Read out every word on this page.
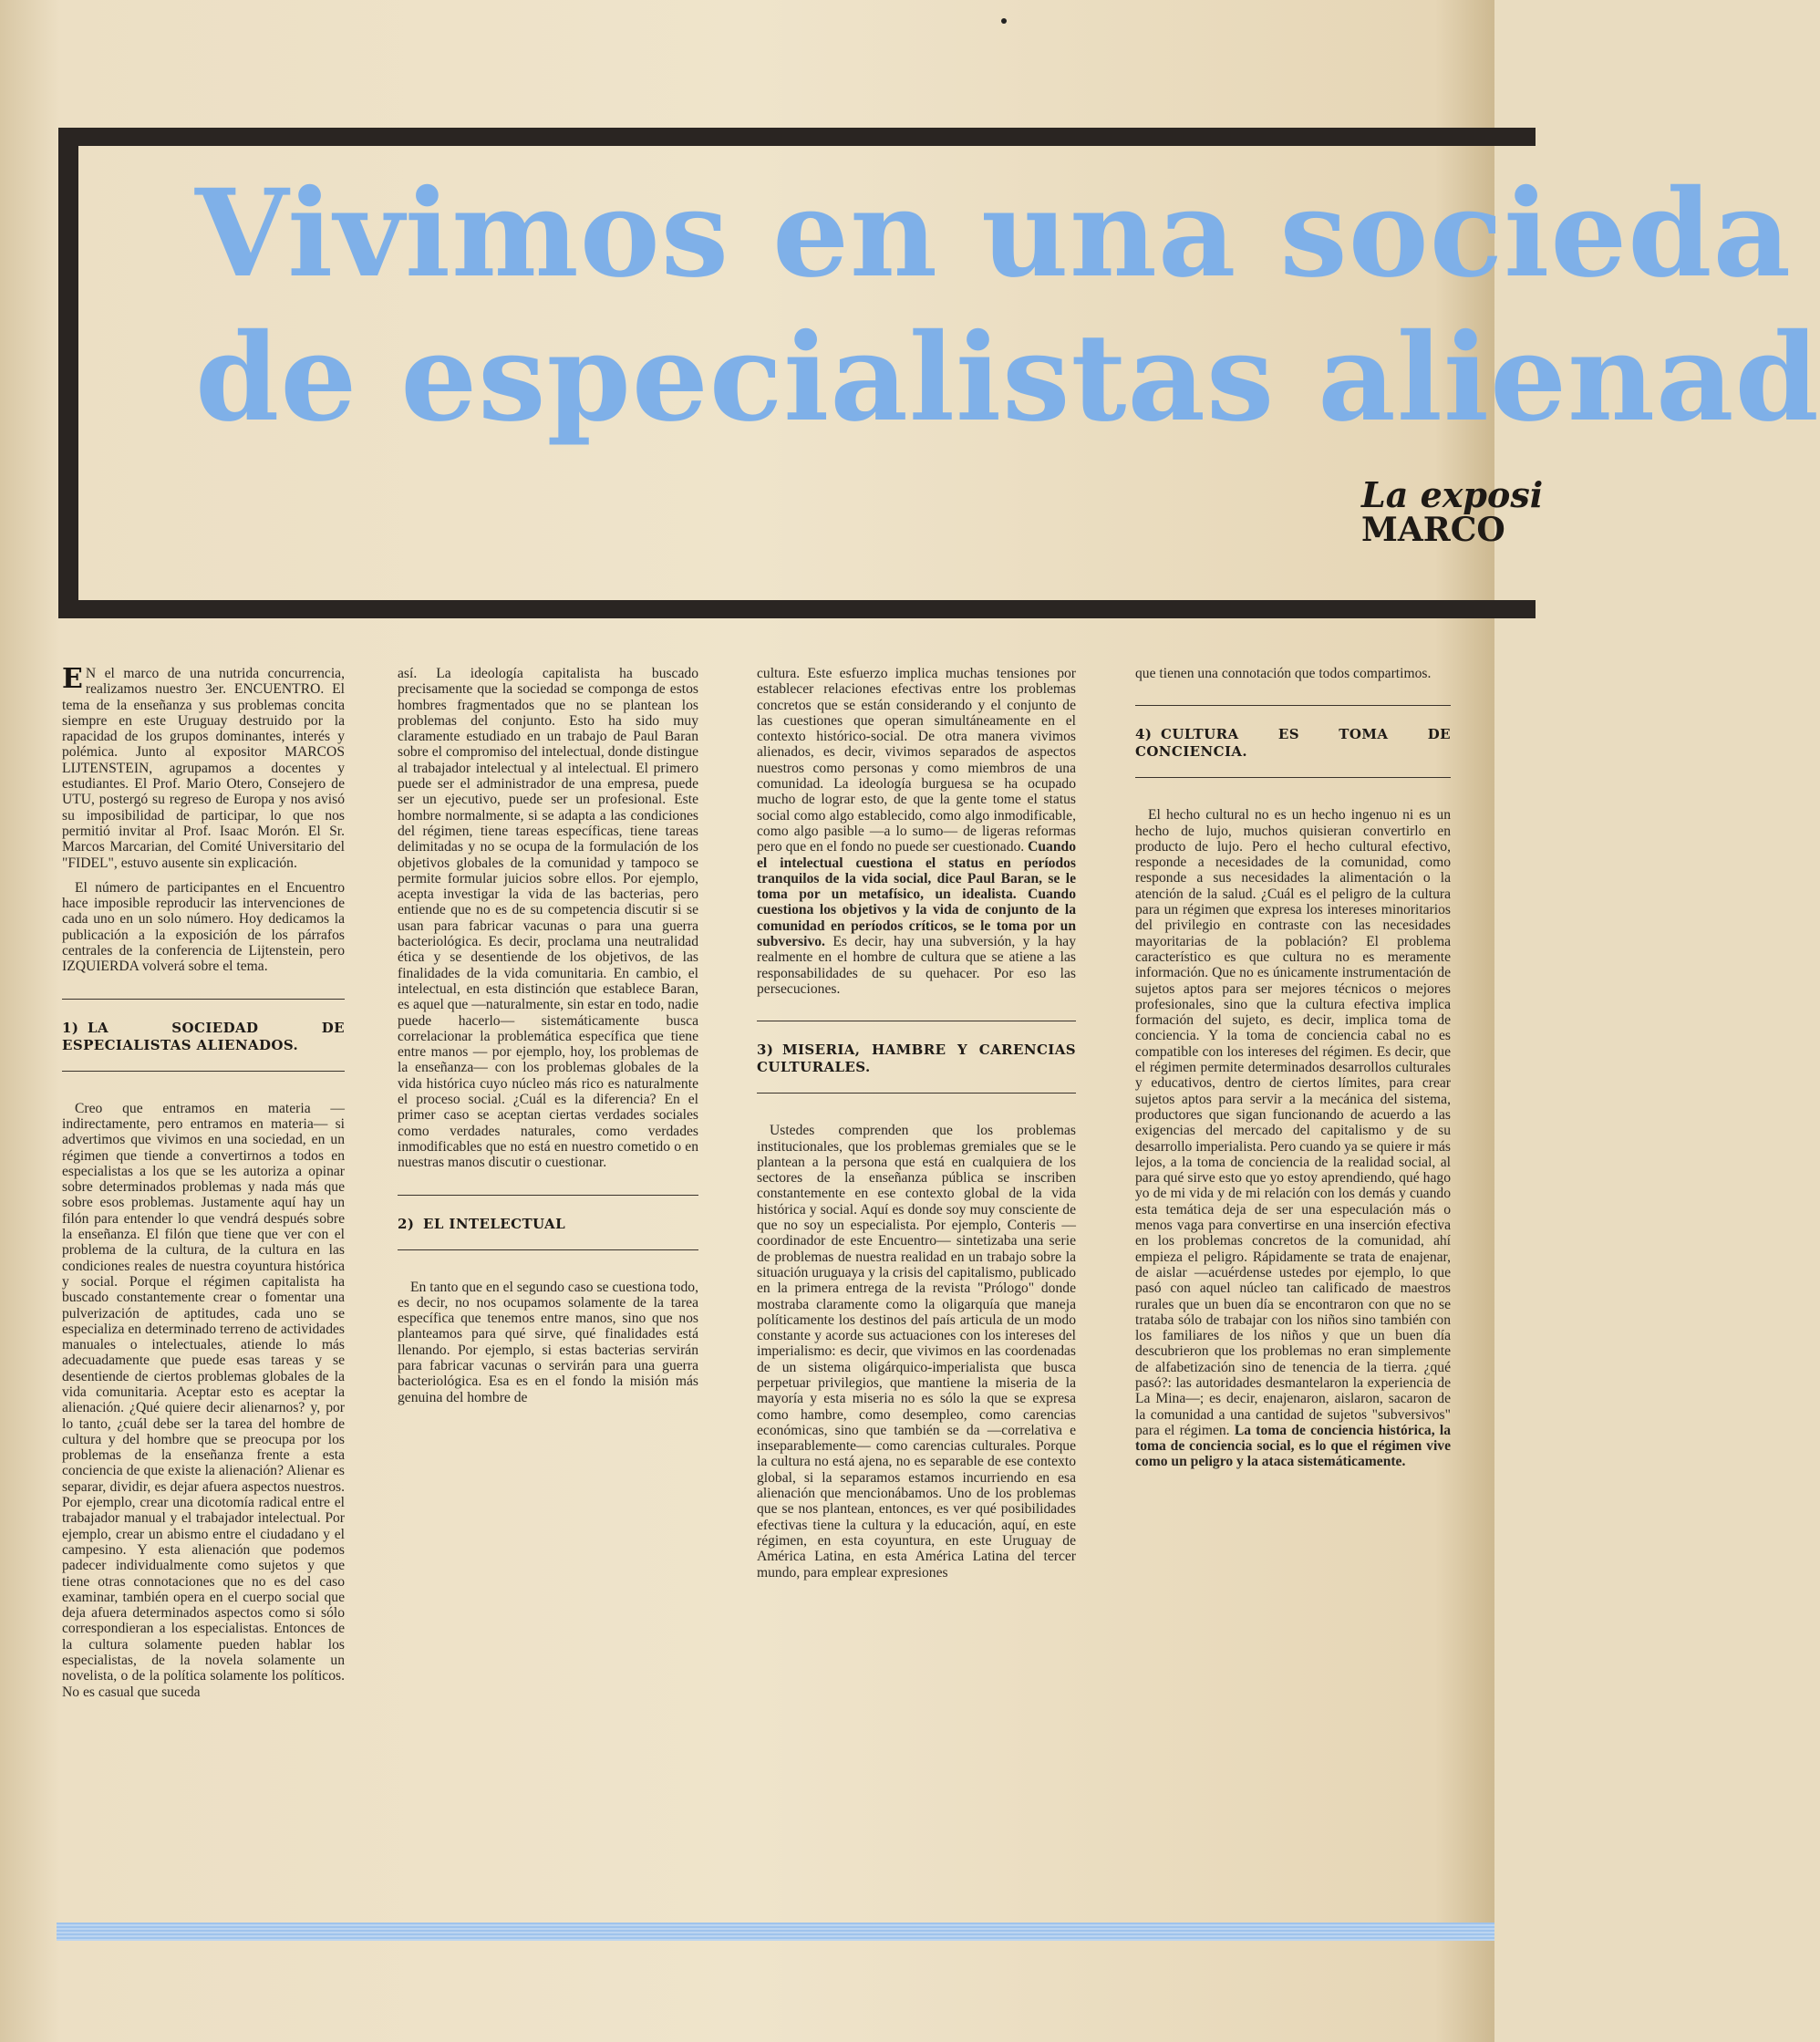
Vivimos en una socieda
de especialistas alienad
La exposi
MARCO

E N el marco de una nutrida concurrencia, realizamos nuestro 3er. ENCUENTRO. El tema de la enseñanza y sus problemas concita siempre en este Uruguay destruido por la rapacidad de los grupos dominantes, interés y polémica. Junto al expositor MARCOS LIJTENSTEIN, agrupamos a docentes y estudiantes. El Prof. Mario Otero, Consejero de UTU, postergó su regreso de Europa y nos avisó su imposibilidad de participar, lo que nos permitió invitar al Prof. Isaac Morón. El Sr. Marcos Marcarian, del Comité Universitario del "FIDEL", estuvo ausente sin explicación.

El número de participantes en el Encuentro hace imposible reproducir las intervenciones de cada uno en un solo número. Hoy dedicamos la publicación a la exposición de los párrafos centrales de la conferencia de Lijtenstein, pero IZQUIERDA volverá sobre el tema.

1) LA SOCIEDAD DE ESPECIALISTAS ALIENADOS.

Creo que entramos en materia —indirectamente, pero entramos en materia— si advertimos que vivimos en una sociedad, en un régimen que tiende a convertirnos a todos en especialistas a los que se les autoriza a opinar sobre determinados problemas y nada más que sobre esos problemas. Justamente aquí hay un filón para entender lo que vendrá después sobre la enseñanza. El filón que tiene que ver con el problema de la cultura, de la cultura en las condiciones reales de nuestra coyuntura histórica y social. Porque el régimen capitalista ha buscado constantemente crear o fomentar una pulverización de aptitudes, cada uno se especializa en determinado terreno de actividades manuales o intelectuales, atiende lo más adecuadamente que puede esas tareas y se desentiende de ciertos problemas globales de la vida comunitaria. Aceptar esto es aceptar la alienación. ¿Qué quiere decir alienarnos? y, por lo tanto, ¿cuál debe ser la tarea del hombre de cultura y del hombre que se preocupa por los problemas de la enseñanza frente a esta conciencia de que existe la alienación? Alienar es separar, dividir, es dejar afuera aspectos nuestros. Por ejemplo, crear una dicotomía radical entre el trabajador manual y el trabajador intelectual. Por ejemplo, crear un abismo entre el ciudadano y el campesino. Y esta alienación que podemos padecer individualmente como sujetos y que tiene otras connotaciones que no es del caso examinar, también opera en el cuerpo social que deja afuera determinados aspectos como si sólo correspondieran a los especialistas. Entonces de la cultura solamente pueden hablar los especialistas, de la novela solamente un novelista, o de la política solamente los políticos. No es casual que suceda

así. La ideología capitalista ha buscado precisamente que la sociedad se componga de estos hombres fragmentados que no se plantean los problemas del conjunto. Esto ha sido muy claramente estudiado en un trabajo de Paul Baran sobre el compromiso del intelectual, donde distingue al trabajador intelectual y al intelectual. El primero puede ser el administrador de una empresa, puede ser un ejecutivo, puede ser un profesional. Este hombre normalmente, si se adapta a las condiciones del régimen, tiene tareas específicas, tiene tareas delimitadas y no se ocupa de la formulación de los objetivos globales de la comunidad y tampoco se permite formular juicios sobre ellos. Por ejemplo, acepta investigar la vida de las bacterias, pero entiende que no es de su competencia discutir si se usan para fabricar vacunas o para una guerra bacteriológica. Es decir, proclama una neutralidad ética y se desentiende de los objetivos, de las finalidades de la vida comunitaria. En cambio, el intelectual, en esta distinción que establece Baran, es aquel que —naturalmente, sin estar en todo, nadie puede hacerlo— sistemáticamente busca correlacionar la problemática específica que tiene entre manos — por ejemplo, hoy, los problemas de la enseñanza— con los problemas globales de la vida histórica cuyo núcleo más rico es naturalmente el proceso social. ¿Cuál es la diferencia? En el primer caso se aceptan ciertas verdades sociales como verdades naturales, como verdades inmodificables que no está en nuestro cometido o en nuestras manos discutir o cuestionar.

2) EL INTELECTUAL

En tanto que en el segundo caso se cuestiona todo, es decir, no nos ocupamos solamente de la tarea específica que tenemos entre manos, sino que nos planteamos para qué sirve, qué finalidades está llenando. Por ejemplo, si estas bacterias servirán para fabricar vacunas o servirán para una guerra bacteriológica. Esa es en el fondo la misión más genuina del hombre de

cultura. Este esfuerzo implica muchas tensiones por establecer relaciones efectivas entre los problemas concretos que se están considerando y el conjunto de las cuestiones que operan simultáneamente en el contexto histórico-social. De otra manera vivimos alienados, es decir, vivimos separados de aspectos nuestros como personas y como miembros de una comunidad. La ideología burguesa se ha ocupado mucho de lograr esto, de que la gente tome el status social como algo establecido, como algo inmodificable, como algo pasible —a lo sumo— de ligeras reformas pero que en el fondo no puede ser cuestionado. Cuando el intelectual cuestiona el status en períodos tranquilos de la vida social, dice Paul Baran, se le toma por un metafísico, un idealista. Cuando cuestiona los objetivos y la vida de conjunto de la comunidad en períodos críticos, se le toma por un subversivo. Es decir, hay una subversión, y la hay realmente en el hombre de cultura que se atiene a las responsabilidades de su quehacer. Por eso las persecuciones.

3) MISERIA, HAMBRE Y CARENCIAS CULTURALES.

Ustedes comprenden que los problemas institucionales, que los problemas gremiales que se le plantean a la persona que está en cualquiera de los sectores de la enseñanza pública se inscriben constantemente en ese contexto global de la vida histórica y social. Aquí es donde soy muy consciente de que no soy un especialista. Por ejemplo, Conteris —coordinador de este Encuentro— sintetizaba una serie de problemas de nuestra realidad en un trabajo sobre la situación uruguaya y la crisis del capitalismo, publicado en la primera entrega de la revista "Prólogo" donde mostraba claramente como la oligarquía que maneja políticamente los destinos del país articula de un modo constante y acorde sus actuaciones con los intereses del imperialismo: es decir, que vivimos en las coordenadas de un sistema oligárquico-imperialista que busca perpetuar privilegios, que mantiene la miseria de la mayoría y esta miseria no es sólo la que se expresa como hambre, como desempleo, como carencias económicas, sino que también se da —correlativa e inseparablemente— como carencias culturales. Porque la cultura no está ajena, no es separable de ese contexto global, si la separamos estamos incurriendo en esa alienación que mencionábamos. Uno de los problemas que se nos plantean, entonces, es ver qué posibilidades efectivas tiene la cultura y la educación, aquí, en este régimen, en esta coyuntura, en este Uruguay de América Latina, en esta América Latina del tercer mundo, para emplear expresiones

que tienen una connotación que todos compartimos.

4) CULTURA ES TOMA DE CONCIENCIA.

El hecho cultural no es un hecho ingenuo ni es un hecho de lujo, muchos quisieran convertirlo en producto de lujo. Pero el hecho cultural efectivo, responde a necesidades de la comunidad, como responde a sus necesidades la alimentación o la atención de la salud. ¿Cuál es el peligro de la cultura para un régimen que expresa los intereses minoritarios del privilegio en contraste con las necesidades mayoritarias de la población? El problema característico es que cultura no es meramente información. Que no es únicamente instrumentación de sujetos aptos para ser mejores técnicos o mejores profesionales, sino que la cultura efectiva implica formación del sujeto, es decir, implica toma de conciencia. Y la toma de conciencia cabal no es compatible con los intereses del régimen. Es decir, que el régimen permite determinados desarrollos culturales y educativos, dentro de ciertos límites, para crear sujetos aptos para servir a la mecánica del sistema, productores que sigan funcionando de acuerdo a las exigencias del mercado del capitalismo y de su desarrollo imperialista. Pero cuando ya se quiere ir más lejos, a la toma de conciencia de la realidad social, al para qué sirve esto que yo estoy aprendiendo, qué hago yo de mi vida y de mi relación con los demás y cuando esta temática deja de ser una especulación más o menos vaga para convertirse en una inserción efectiva en los problemas concretos de la comunidad, ahí empieza el peligro. Rápidamente se trata de enajenar, de aislar —acuérdense ustedes por ejemplo, lo que pasó con aquel núcleo tan calificado de maestros rurales que un buen día se encontraron con que no se trataba sólo de trabajar con los niños sino también con los familiares de los niños y que un buen día descubrieron que los problemas no eran simplemente de alfabetización sino de tenencia de la tierra. ¿qué pasó?: las autoridades desmantelaron la experiencia de La Mina—; es decir, enajenaron, aislaron, sacaron de la comunidad a una cantidad de sujetos "subversivos" para el régimen. La toma de conciencia histórica, la toma de conciencia social, es lo que el régimen vive como un peligro y la ataca sistemáticamente.
